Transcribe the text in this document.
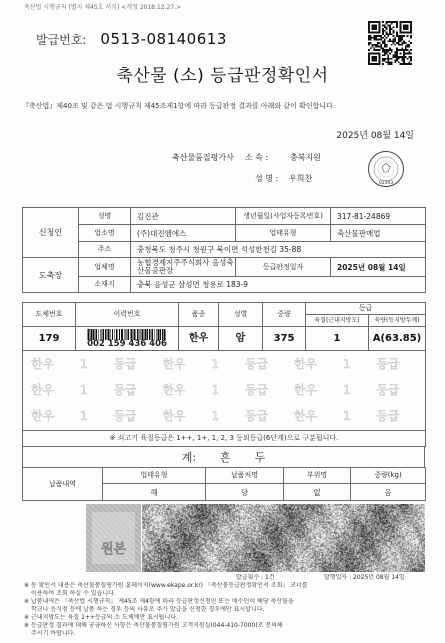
축산법 시행규칙 [별지 제45호 서식] <개정 2018.12.27.>
발급번호: 0513-08140613
축산물 (소) 등급판정확인서
『축산법』제40조 및 같은 법 시행규칙 제45조제1항에 따라 등급판정 결과를 아래와 같이 확인합니다.
2025년 08월 14일
축산물품질평가사 소 속 :	충북지원
성 명 : 우희찬
02393
신청인	성명	김진관	생년월일(사업자등록번호)	317-81-24869
	업소명	(주)대진엠에스	업태유형	축산물판매업
	주소	충청북도 청주시 청원구 북이면 석성한천길 35-88		
도축장	업체명	농협경제지주주식회사 음성축산물공판장	등급판정일자	2025년 08월 14일
	소재지	충북 음성군 삼성면 청용로 183-9		
도체번호	이력번호	품종	성별	중량	등급	
					육질(근내지방도)	육량(등지방두께)
179	002 159 436 406	한우	암	375	1	A(63.85)

한우 1 등급 한우 1 등급 한우 1 등급
한우 1 등급 한우 1 등급 한우 1 등급
한우 1 등급 한우 1 등급 한우 1 등급						

※ 쇠고기 육질등급은 1++, 1+, 1, 2, 3 등외등급(6단계)으로 구분됩니다.						
계: 흔 두
납품내역	업태유형	납품처명	부위명	중량(kg)
	해	당	없	음
원본
발급횟수 : 1건	발행일자 : 2025년 08월 14일
※ 동 확인서 내용은 축산물품질평가원 홈페이지(www.ekape.or.kr) 『축산물등급판정확인서 조회』 코너를
이용하여 조회 하실 수 있습니다.
※ 납품내역은 『축산법 시행규칙』 제45조 제4항에 따라 등급판정신청인 또는 매수인이 해당 축산물을
학교나 음식점 등에 납품 하는 경우 등의 사유로 추가 발급을 신청한 경우에만 표시합니다.
※ 근내지방도는 육질 1++등급의 소 도체에만 표시됩니다.
※ 등급판정 결과에 대해 궁금하신 사항은 축산물품질평가원 고객지원실(044-410-7000)로 문의해
주시기 바랍니다.
